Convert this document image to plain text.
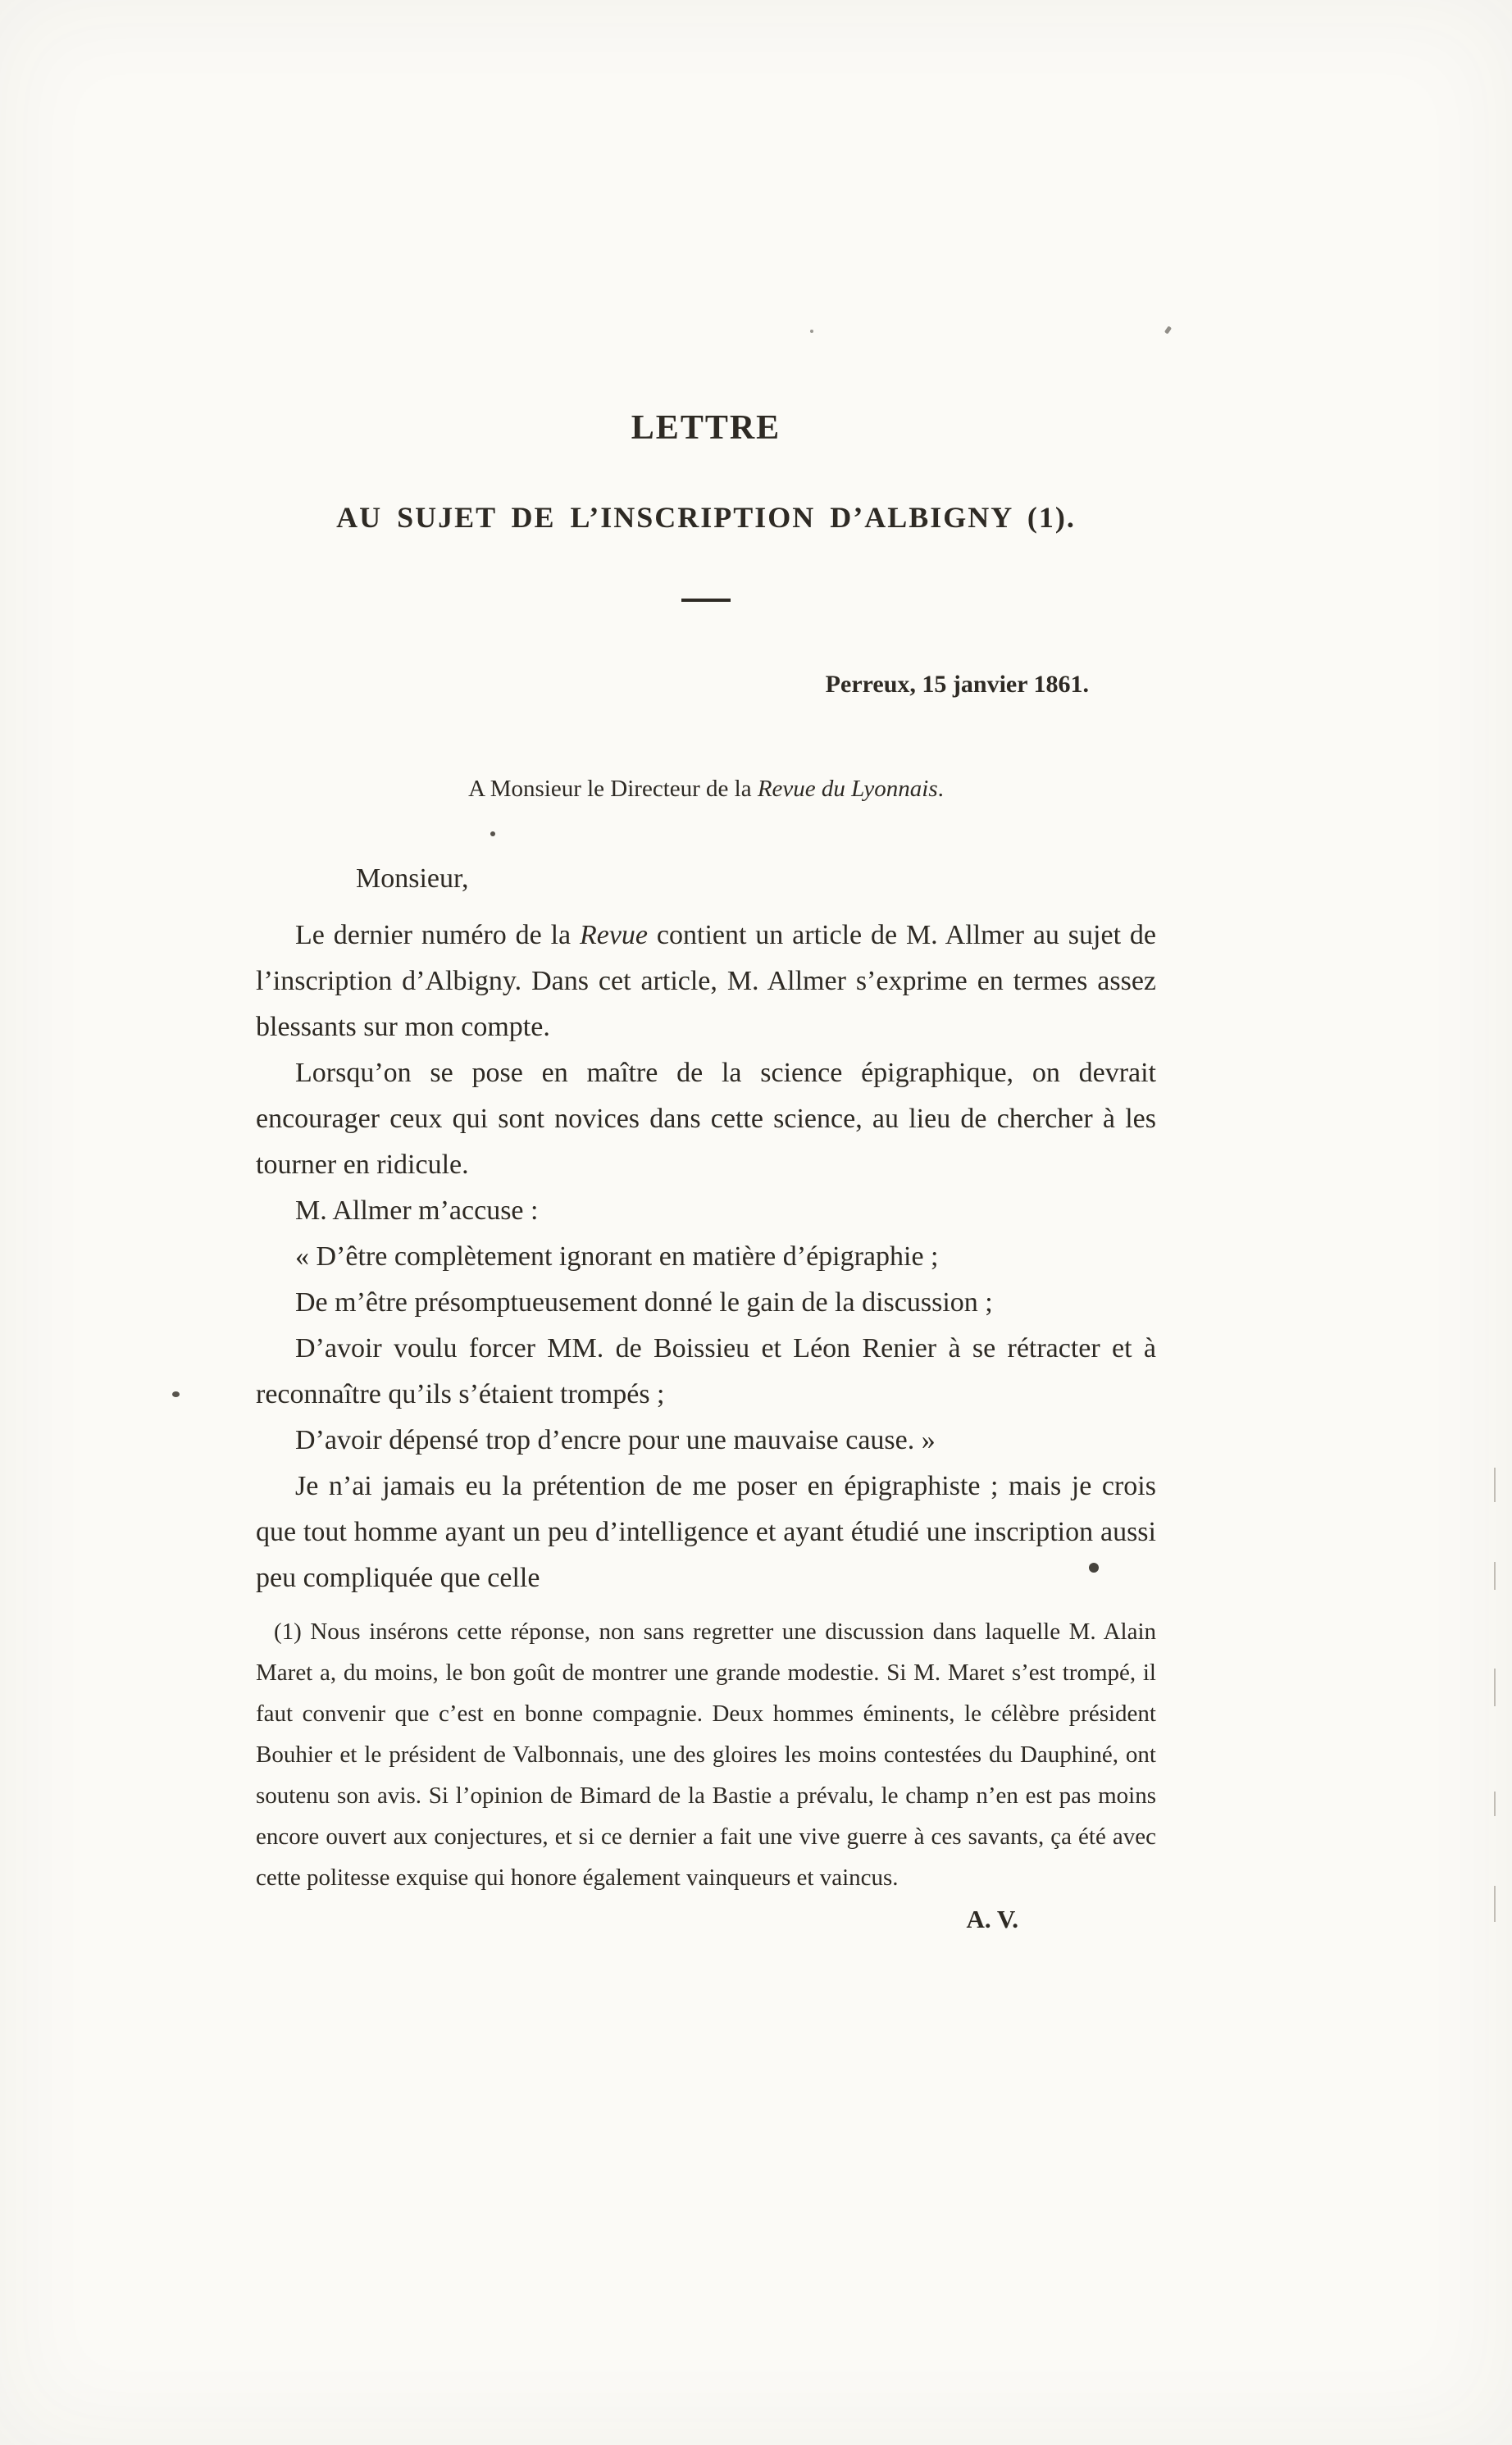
LETTRE
AU SUJET DE L’INSCRIPTION D’ALBIGNY (1).
Perreux, 15 janvier 1861.
A Monsieur le Directeur de la Revue du Lyonnais.
Monsieur,

Le dernier numéro de la Revue contient un article de M. Allmer au sujet de l’inscription d’Albigny. Dans cet article, M. Allmer s’exprime en termes assez blessants sur mon compte.

Lorsqu’on se pose en maître de la science épigraphique, on devrait encourager ceux qui sont novices dans cette science, au lieu de chercher à les tourner en ridicule.

M. Allmer m’accuse :

« D’être complètement ignorant en matière d’épigraphie ;

De m’être présomptueusement donné le gain de la discussion ;

D’avoir voulu forcer MM. de Boissieu et Léon Renier à se rétracter et à reconnaître qu’ils s’étaient trompés ;

D’avoir dépensé trop d’encre pour une mauvaise cause. »

Je n’ai jamais eu la prétention de me poser en épigraphiste ; mais je crois que tout homme ayant un peu d’intelligence et ayant étudié une inscription aussi peu compliquée que celle

(1) Nous insérons cette réponse, non sans regretter une discussion dans laquelle M. Alain Maret a, du moins, le bon goût de montrer une grande modestie. Si M. Maret s’est trompé, il faut convenir que c’est en bonne compagnie. Deux hommes éminents, le célèbre président Bouhier et le président de Valbonnais, une des gloires les moins contestées du Dauphiné, ont soutenu son avis. Si l’opinion de Bimard de la Bastie a prévalu, le champ n’en est pas moins encore ouvert aux conjectures, et si ce dernier a fait une vive guerre à ces savants, ça été avec cette politesse exquise qui honore également vainqueurs et vaincus.
A. V.
